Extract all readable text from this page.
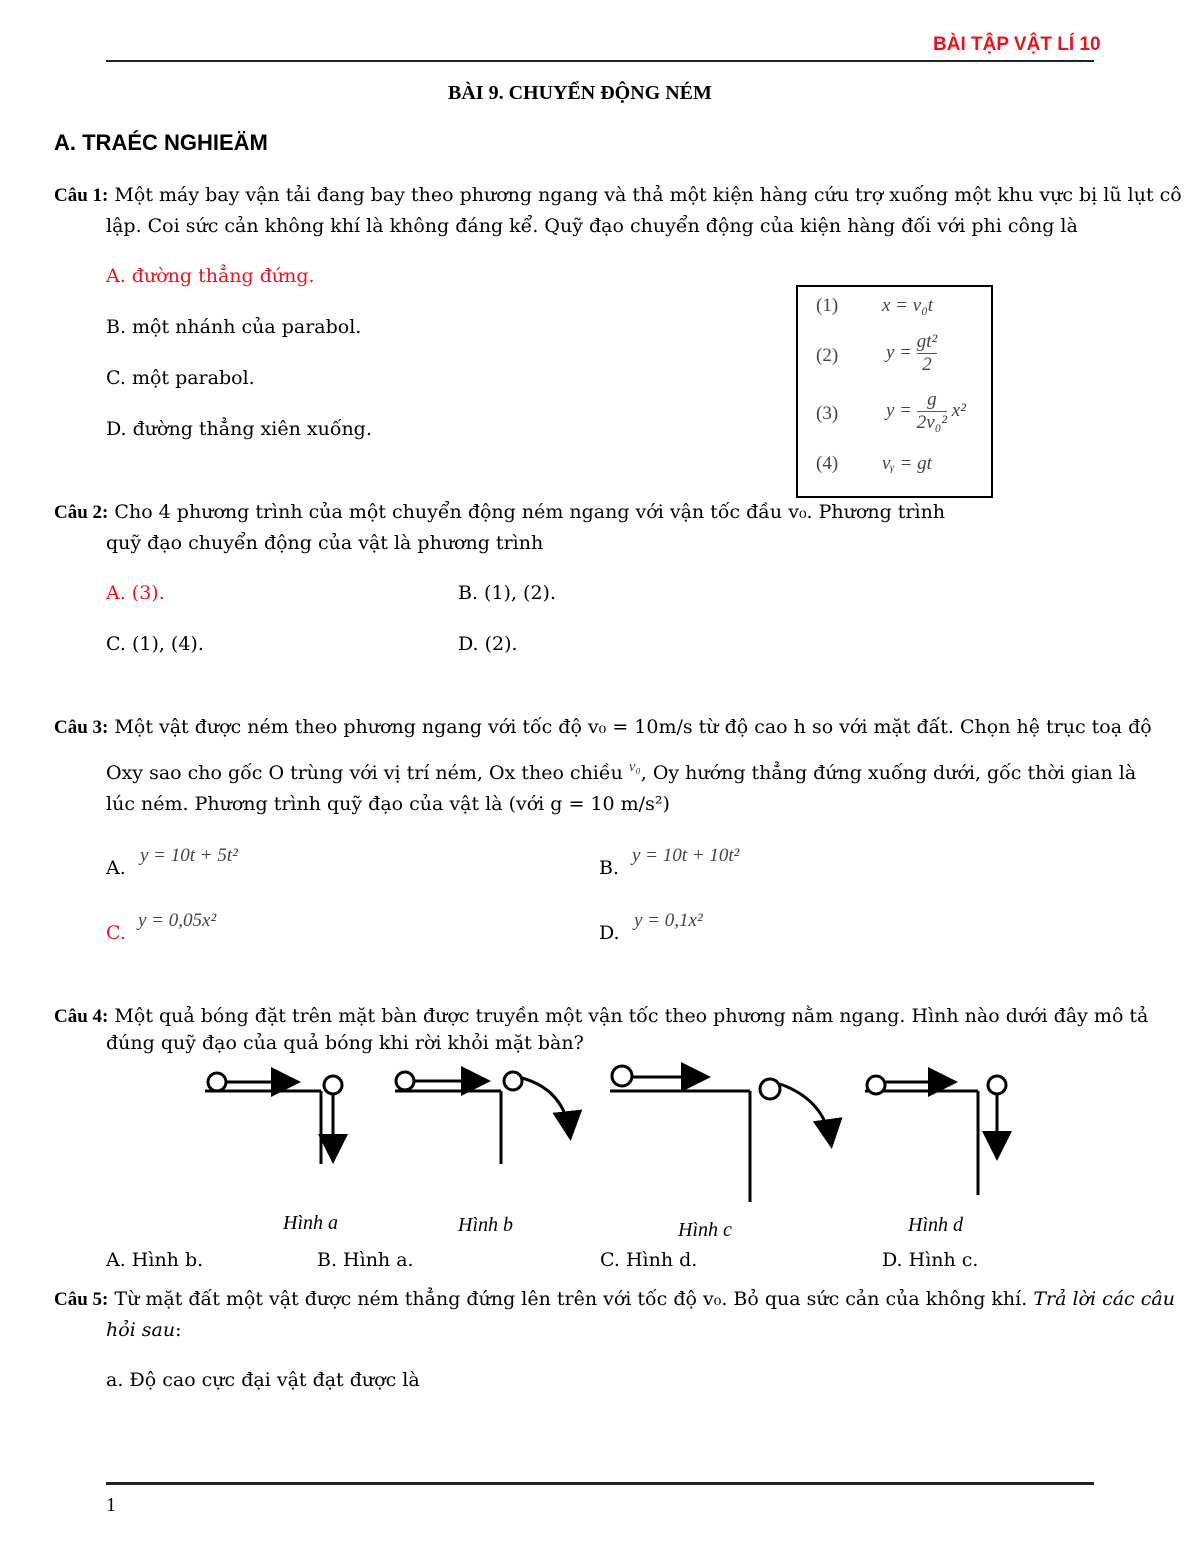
BÀI TẬP VẬT LÍ 10
BÀI 9. CHUYỂN ĐỘNG NÉM
A. TRAÉC NGHIEÄM
Câu 1: Một máy bay vận tải đang bay theo phương ngang và thả một kiện hàng cứu trợ xuống một khu vực bị lũ lụt cô
lập. Coi sức cản không khí là không đáng kể. Quỹ đạo chuyển động của kiện hàng đối với phi công là
A. đường thẳng đứng.
B. một nhánh của parabol.
C. một parabol.
D. đường thẳng xiên xuống.
(1) x = v₀t
(2)	$y = \frac{\text{gt²}}{2}$
(3)	$y = \frac{g}{\text{2v₀²}} x^2$
(4) vᵧ = gt
Câu 2: Cho 4 phương trình của một chuyển động ném ngang với vận tốc đầu v₀. Phương trình
quỹ đạo chuyển động của vật là phương trình
A. (3).	B. (1), (2).
C. (1), (4).	D. (2).
Câu 3: Một vật được ném theo phương ngang với tốc độ v₀ = 10m/s từ độ cao h so với mặt đất. Chọn hệ trục toạ độ
Oxy sao cho gốc O trùng với vị trí ném, Ox theo chiều $^{v_0}$, Oy hướng thẳng đứng xuống dưới, gốc thời gian là
lúc ném. Phương trình quỹ đạo của vật là (với g = 10 m/s²)
A.
y = 10t + 5t²
B.
y = 10t + 10t²
C.
y = 0,05x²
D.
y = 0,1x²
Câu 4: Một quả bóng đặt trên mặt bàn được truyền một vận tốc theo phương nằm ngang. Hình nào dưới đây mô tả
đúng quỹ đạo của quả bóng khi rời khỏi mặt bàn?
Hình a	Hình b	Hình c	Hình d
A. Hình b.	B. Hình a.	C. Hình d.	D. Hình c.
Câu 5: Từ mặt đất một vật được ném thẳng đứng lên trên với tốc độ v₀. Bỏ qua sức cản của không khí. Trả lời các câu
hỏi sau:
a. Độ cao cực đại vật đạt được là
1
